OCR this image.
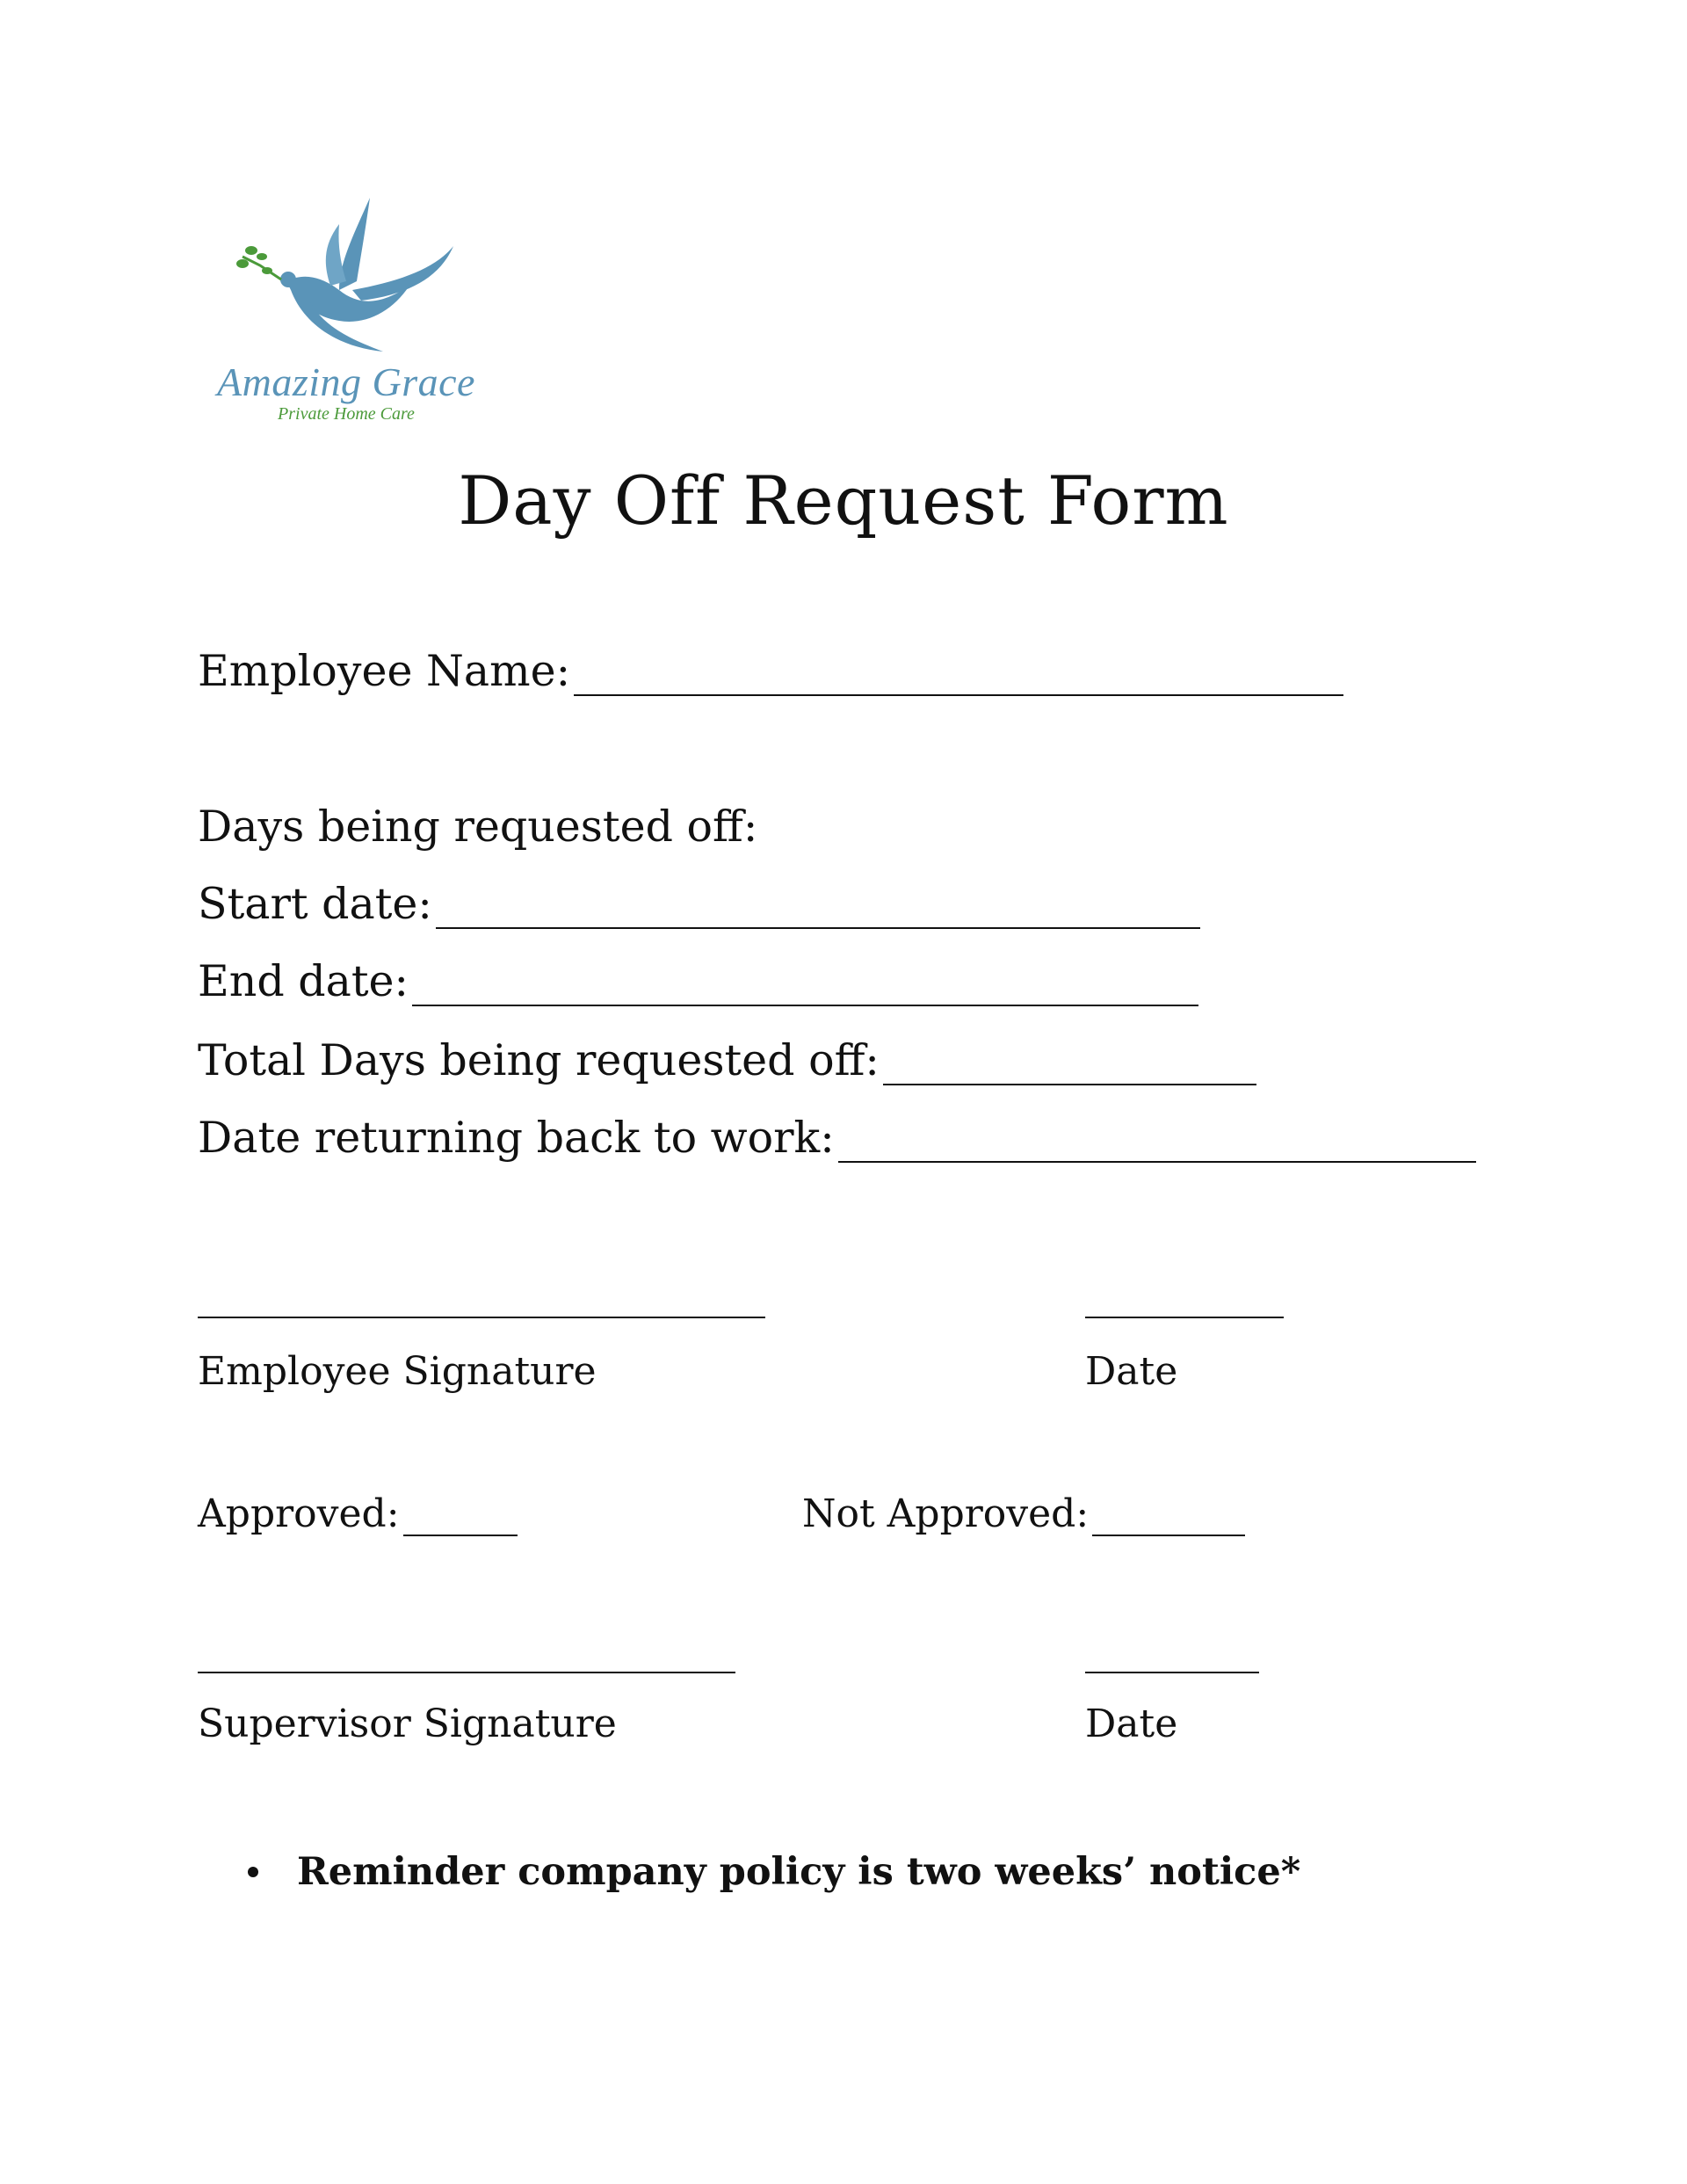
Amazing Grace
Private Home Care
Day Off Request Form
Employee Name:
Days being requested off:
Start date:
End date:
Total Days being requested off:
Date returning back to work:
Employee Signature	Date
Approved:	Not Approved:
Supervisor Signature	Date
Reminder company policy is two weeks’ notice*
